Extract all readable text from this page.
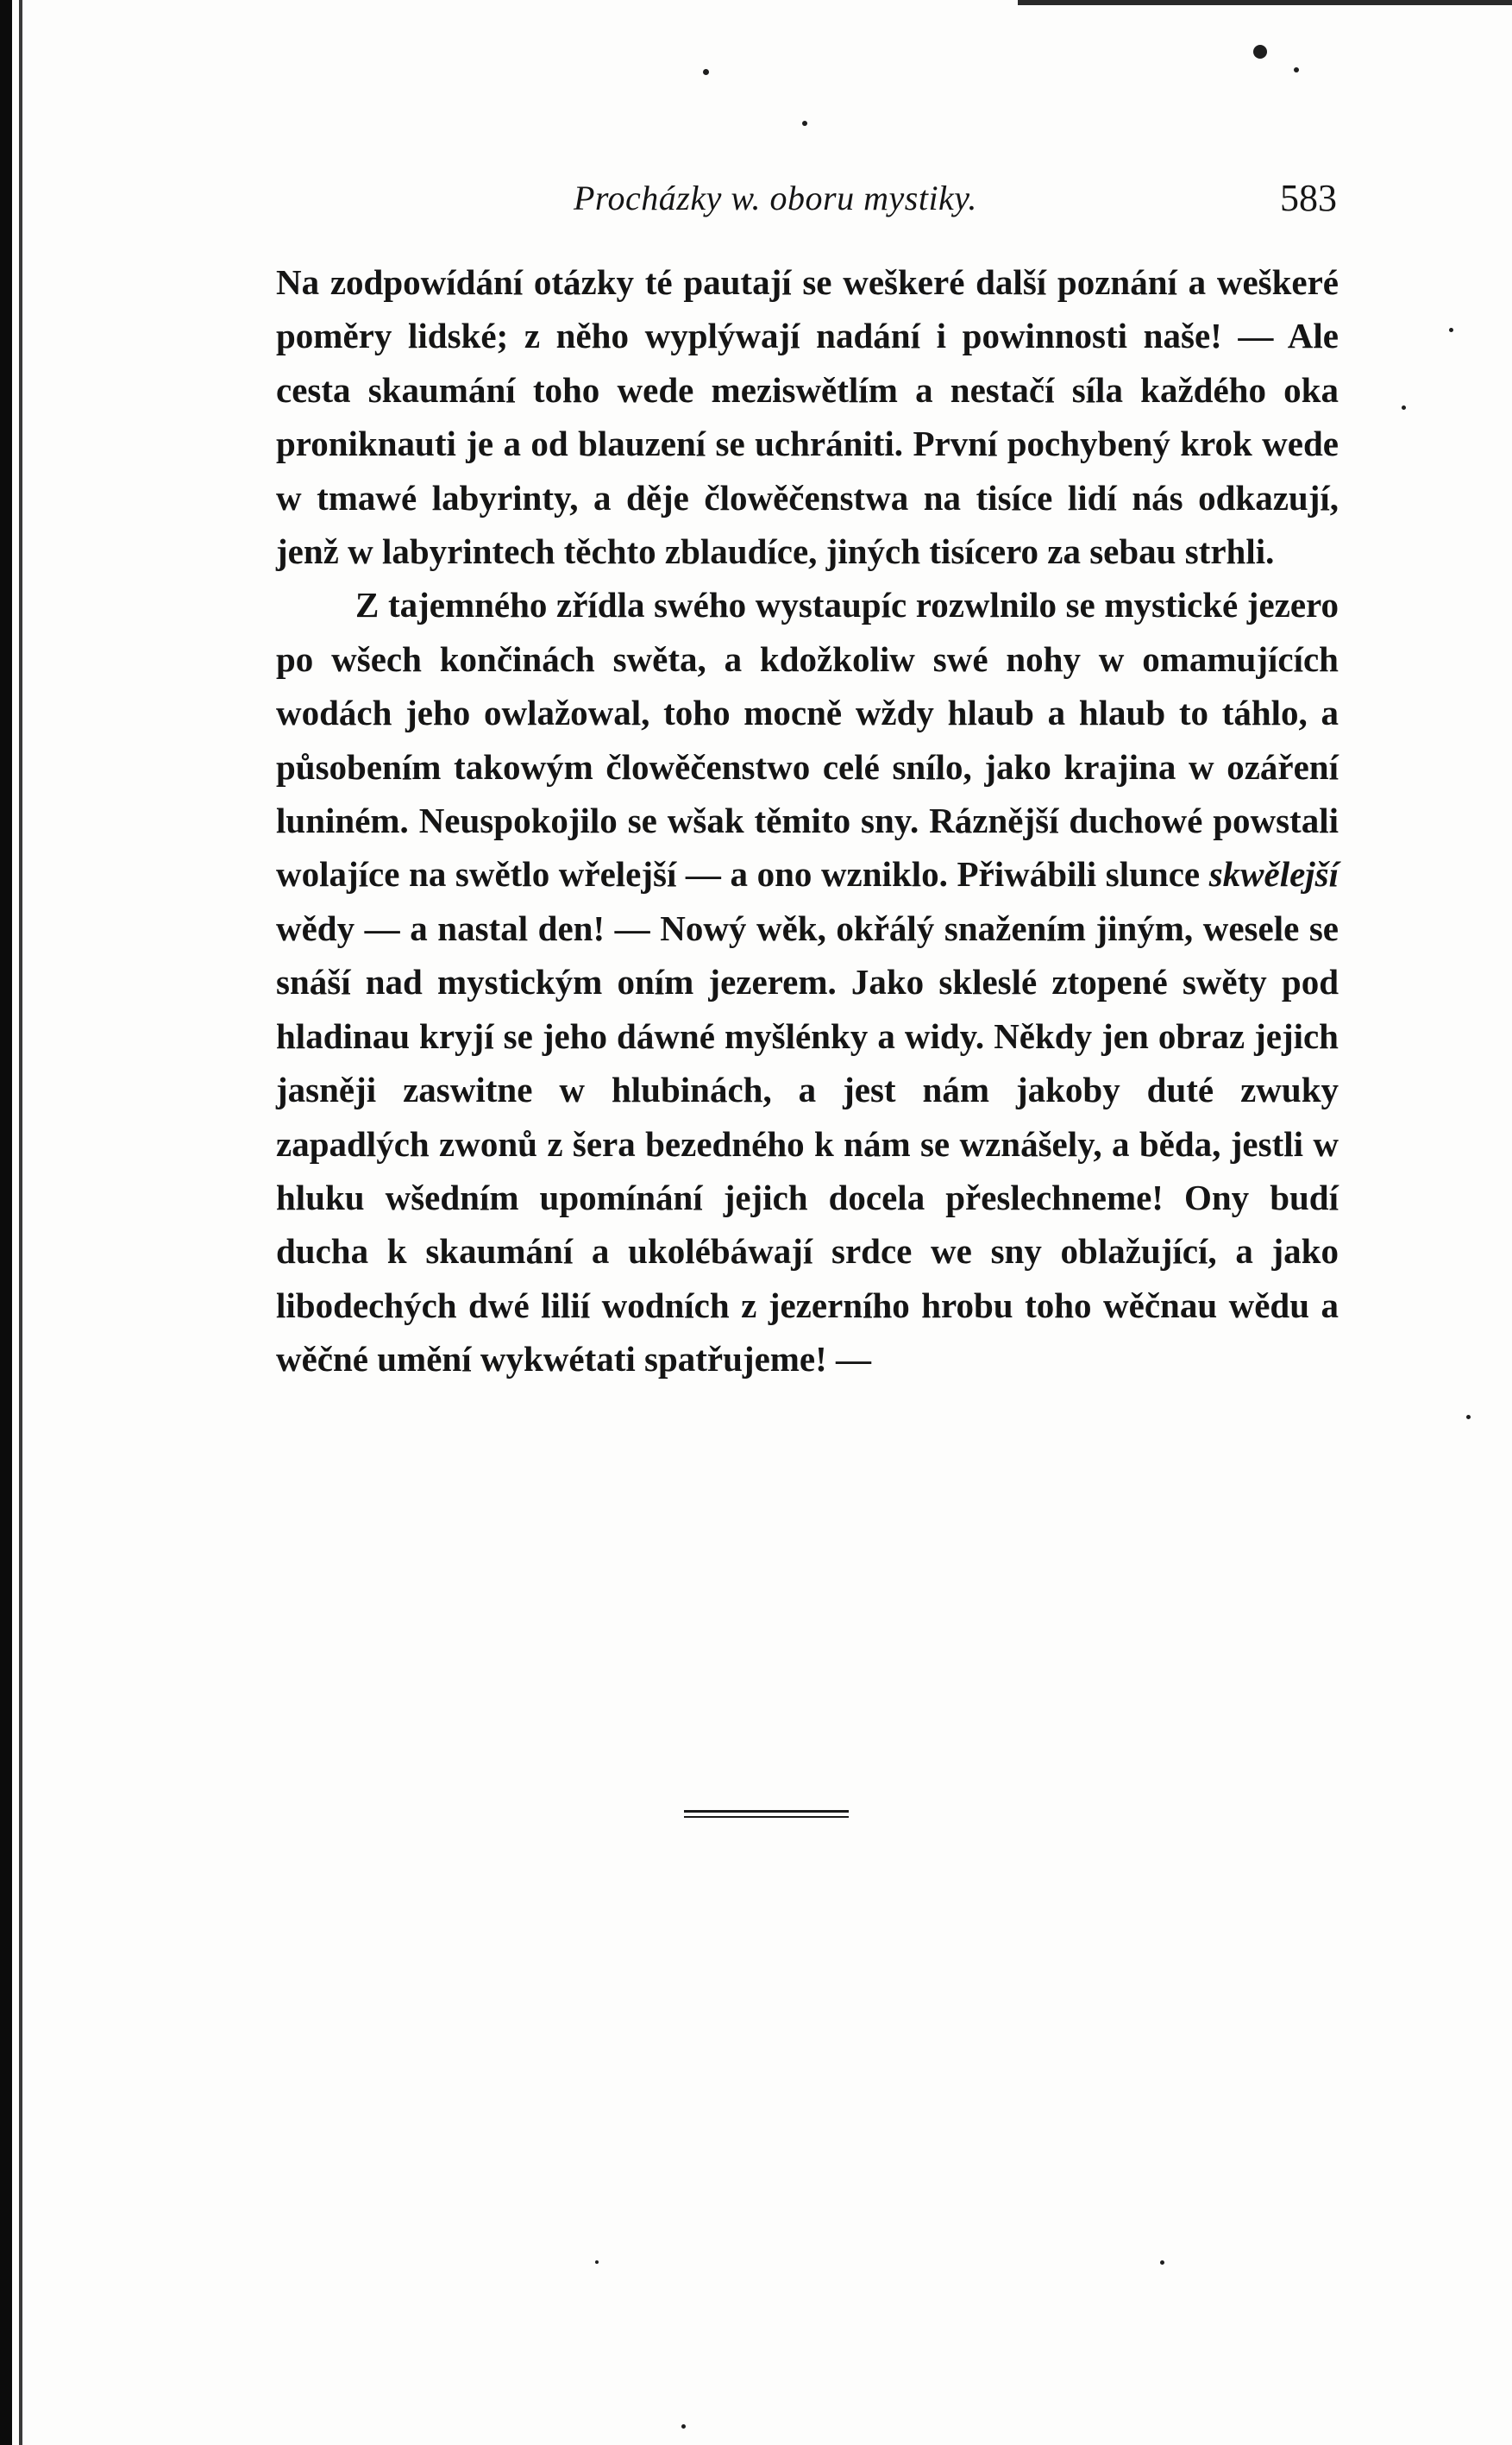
Procházky w. oboru mystiky.	583

Na zodpowídání otázky té pautají se weškeré další poznání a weškeré poměry lidské; z něho wyplýwají nadání i powinnosti naše! — Ale cesta skaumání toho wede meziswětlím a nestačí síla každého oka proniknauti je a od blauzení se uchrániti. První pochybený krok wede w tmawé labyrinty, a děje člowěčenstwa na tisíce lidí nás odkazují, jenž w labyrintech těchto zblaudíce, jiných tisícero za sebau strhli.

Z tajemného zřídla swého wystaupíc rozwlnilo se mystické jezero po wšech končinách swěta, a kdožkoliw swé nohy w omamujících wodách jeho owlažowal, toho mocně wždy hlaub a hlaub to táhlo, a působením takowým člowěčenstwo celé snílo, jako krajina w ozáření luniném. Neuspokojilo se wšak těmito sny. Ráznější duchowé powstali wolajíce na swětlo wřelejší — a ono wzniklo. Přiwábili slunce skwělejší wědy — a nastal den! — Nowý wěk, okřálý snažením jiným, wesele se snáší nad mystickým oním jezerem. Jako skleslé ztopené swěty pod hladinau kryjí se jeho dáwné myšlénky a widy. Někdy jen obraz jejich jasněji zaswitne w hlubinách, a jest nám jakoby duté zwuky zapadlých zwonů z šera bezedného k nám se wznášely, a běda, jestli w hluku wšedním upomínání jejich docela přeslechneme! Ony budí ducha k skaumání a ukolébáwají srdce we sny oblažující, a jako libodechých dwé lilií wodních z jezerního hrobu toho wěčnau wědu a wěčné umění wykwétati spatřujeme! —
